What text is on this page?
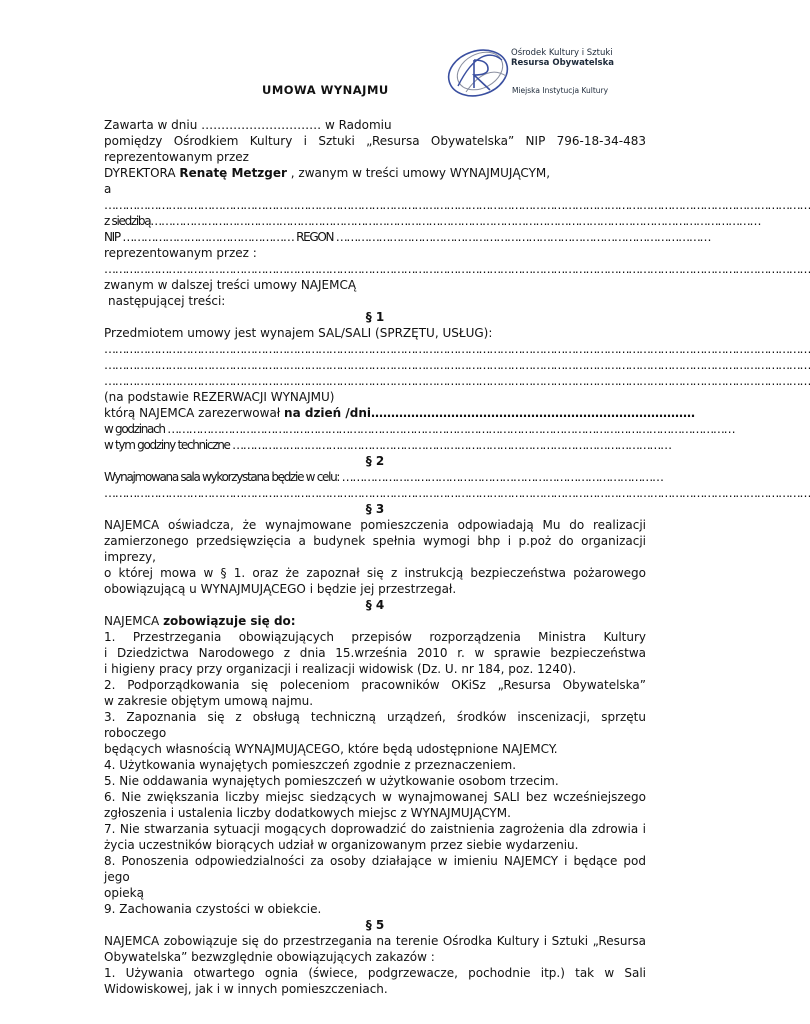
Ośrodek Kultury i Sztuki
Resursa Obywatelska
Miejska Instytucja Kultury
UMOWA WYNAJMU
Zawarta w dniu ………………………… w Radomiu
pomiędzy Ośrodkiem Kultury i Sztuki „Resursa Obywatelska” NIP 796-18-34-483
reprezentowanym przez
DYREKTORA Renatę Metzger , zwanym w treści umowy WYNAJMUJĄCYM,
a
………………………………………………………………………………………………………………………………………………………………………………
z siedzibą………………………………………………………………………………………………………………………………………………………
NIP ………………………………………… REGON ……………………………………………………………………………………………
reprezentowanym przez :
………………………………………………………………………………………………………………………………………………………………………………
zwanym w dalszej treści umowy NAJEMCĄ
następującej treści:
§ 1
Przedmiotem umowy jest wynajem SAL/SALI (SPRZĘTU, USŁUG):
………………………………………………………………………………………………………………………………………………………………………………
………………………………………………………………………………………………………………………………………………………………………………
………………………………………………………………………………………………………………………………………………………………………………
(na podstawie REZERWACJI WYNAJMU)
którą NAJEMCA zarezerwował na dzień /dni………………………………………………………………………
w godzinach ……………………………………………………………………………………………………………………………………………
w tym godziny techniczne ……………………………………………………………………………………………………………
§ 2
Wynajmowana sala wykorzystana będzie w celu: ………………………………………………………………………………
………………………………………………………………………………………………………………………………………………………………………………
§ 3
NAJEMCA oświadcza, że wynajmowane pomieszczenia odpowiadają Mu do realizacji
zamierzonego przedsięwzięcia a budynek spełnia wymogi bhp i p.poż do organizacji imprezy,
o której mowa w § 1. oraz że zapoznał się z instrukcją bezpieczeństwa pożarowego
obowiązującą u WYNAJMUJĄCEGO i będzie jej przestrzegał.
§ 4
NAJEMCA zobowiązuje się do:
1. Przestrzegania obowiązujących przepisów rozporządzenia Ministra Kultury
i Dziedzictwa Narodowego z dnia 15.września 2010 r. w sprawie bezpieczeństwa
i higieny pracy przy organizacji i realizacji widowisk (Dz. U. nr 184, poz. 1240).
2. Podporządkowania się poleceniom pracowników OKiSz „Resursa Obywatelska”
w zakresie objętym umową najmu.
3. Zapoznania się z obsługą techniczną urządzeń, środków inscenizacji, sprzętu roboczego
będących własnością WYNAJMUJĄCEGO, które będą udostępnione NAJEMCY.
4. Użytkowania wynajętych pomieszczeń zgodnie z przeznaczeniem.
5. Nie oddawania wynajętych pomieszczeń w użytkowanie osobom trzecim.
6. Nie zwiększania liczby miejsc siedzących w wynajmowanej SALI bez wcześniejszego
zgłoszenia i ustalenia liczby dodatkowych miejsc z WYNAJMUJĄCYM.
7. Nie stwarzania sytuacji mogących doprowadzić do zaistnienia zagrożenia dla zdrowia i
życia uczestników biorących udział w organizowanym przez siebie wydarzeniu.
8. Ponoszenia odpowiedzialności za osoby działające w imieniu NAJEMCY i będące pod jego
opieką
9. Zachowania czystości w obiekcie.
§ 5
NAJEMCA zobowiązuje się do przestrzegania na terenie Ośrodka Kultury i Sztuki „Resursa
Obywatelska” bezwzględnie obowiązujących zakazów :
1. Używania otwartego ognia (świece, podgrzewacze, pochodnie itp.) tak w Sali
Widowiskowej, jak i w innych pomieszczeniach.
